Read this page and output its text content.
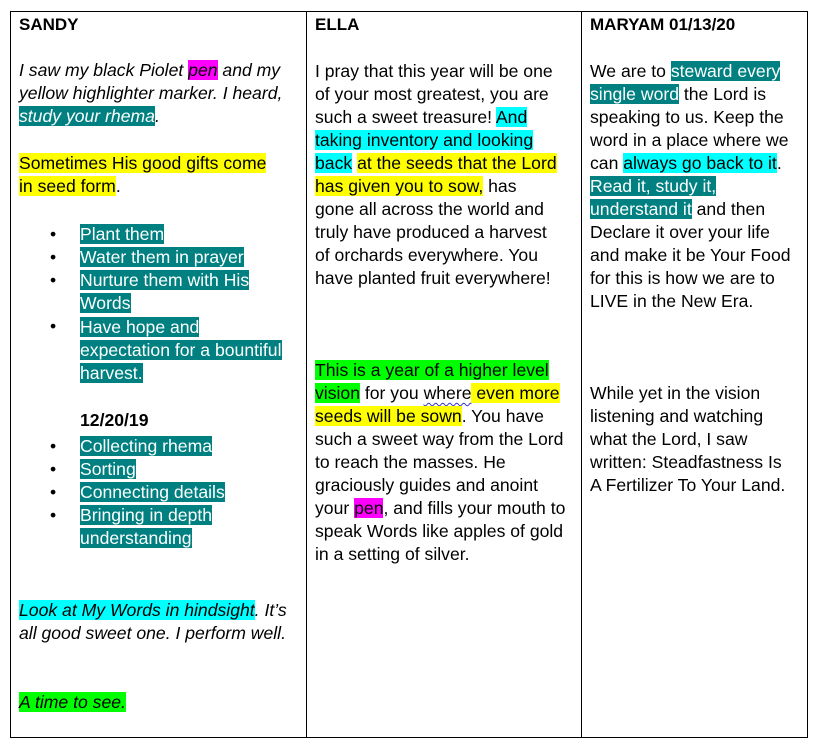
SANDY

I saw my black Piolet pen and my yellow highlighter marker. I heard, study your rhema.

Sometimes His good gifts come in seed form.

• Plant them
• Water them in prayer
• Nurture them with His Words
• Have hope and expectation for a bountiful harvest.
12/20/19
• Collecting rhema
• Sorting
• Connecting details
• Bringing in depth understanding

Look at My Words in hindsight. It’s all good sweet one. I perform well.

A time to see.

ELLA

I pray that this year will be one of your most greatest, you are such a sweet treasure! And taking inventory and looking back at the seeds that the Lord has given you to sow, has gone all across the world and truly have produced a harvest of orchards everywhere. You have planted fruit everywhere!

This is a year of a higher level vision for you where even more seeds will be sown. You have such a sweet way from the Lord to reach the masses. He graciously guides and anoint your pen, and fills your mouth to speak Words like apples of gold in a setting of silver.

MARYAM 01/13/20

We are to steward every single word the Lord is speaking to us. Keep the word in a place where we can always go back to it. Read it, study it, understand it and then Declare it over your life and make it be Your Food for this is how we are to LIVE in the New Era.

While yet in the vision listening and watching what the Lord, I saw written: Steadfastness Is A Fertilizer To Your Land.
